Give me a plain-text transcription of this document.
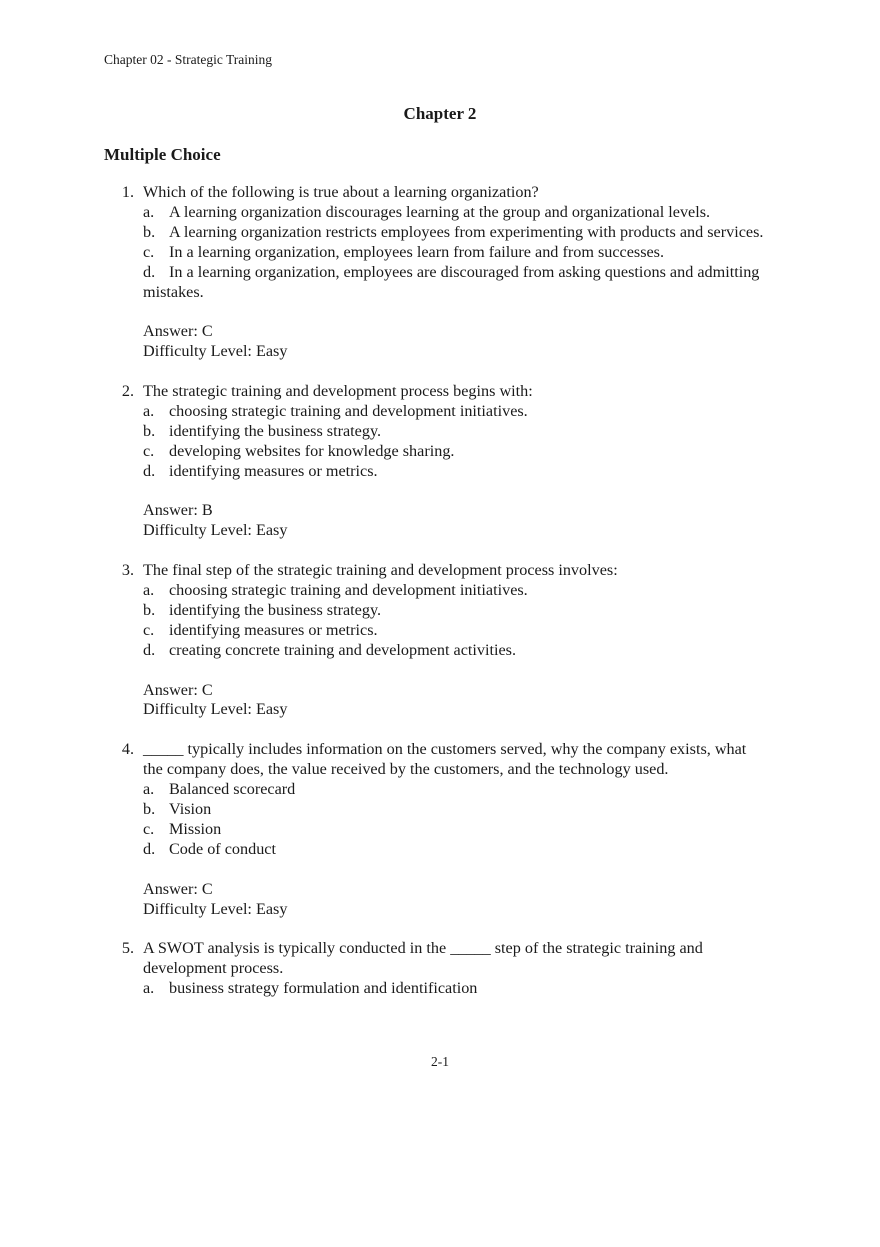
Chapter 02 - Strategic Training
Chapter 2
Multiple Choice
1. Which of the following is true about a learning organization?
a. A learning organization discourages learning at the group and organizational levels.
b. A learning organization restricts employees from experimenting with products and services.
c. In a learning organization, employees learn from failure and from successes.
d. In a learning organization, employees are discouraged from asking questions and admitting mistakes.
Answer: C
Difficulty Level: Easy
2. The strategic training and development process begins with:
a. choosing strategic training and development initiatives.
b. identifying the business strategy.
c. developing websites for knowledge sharing.
d. identifying measures or metrics.
Answer: B
Difficulty Level: Easy
3. The final step of the strategic training and development process involves:
a. choosing strategic training and development initiatives.
b. identifying the business strategy.
c. identifying measures or metrics.
d. creating concrete training and development activities.
Answer: C
Difficulty Level: Easy
4. _____ typically includes information on the customers served, why the company exists, what the company does, the value received by the customers, and the technology used.
a. Balanced scorecard
b. Vision
c. Mission
d. Code of conduct
Answer: C
Difficulty Level: Easy
5. A SWOT analysis is typically conducted in the _____ step of the strategic training and development process.
a. business strategy formulation and identification
2-1
